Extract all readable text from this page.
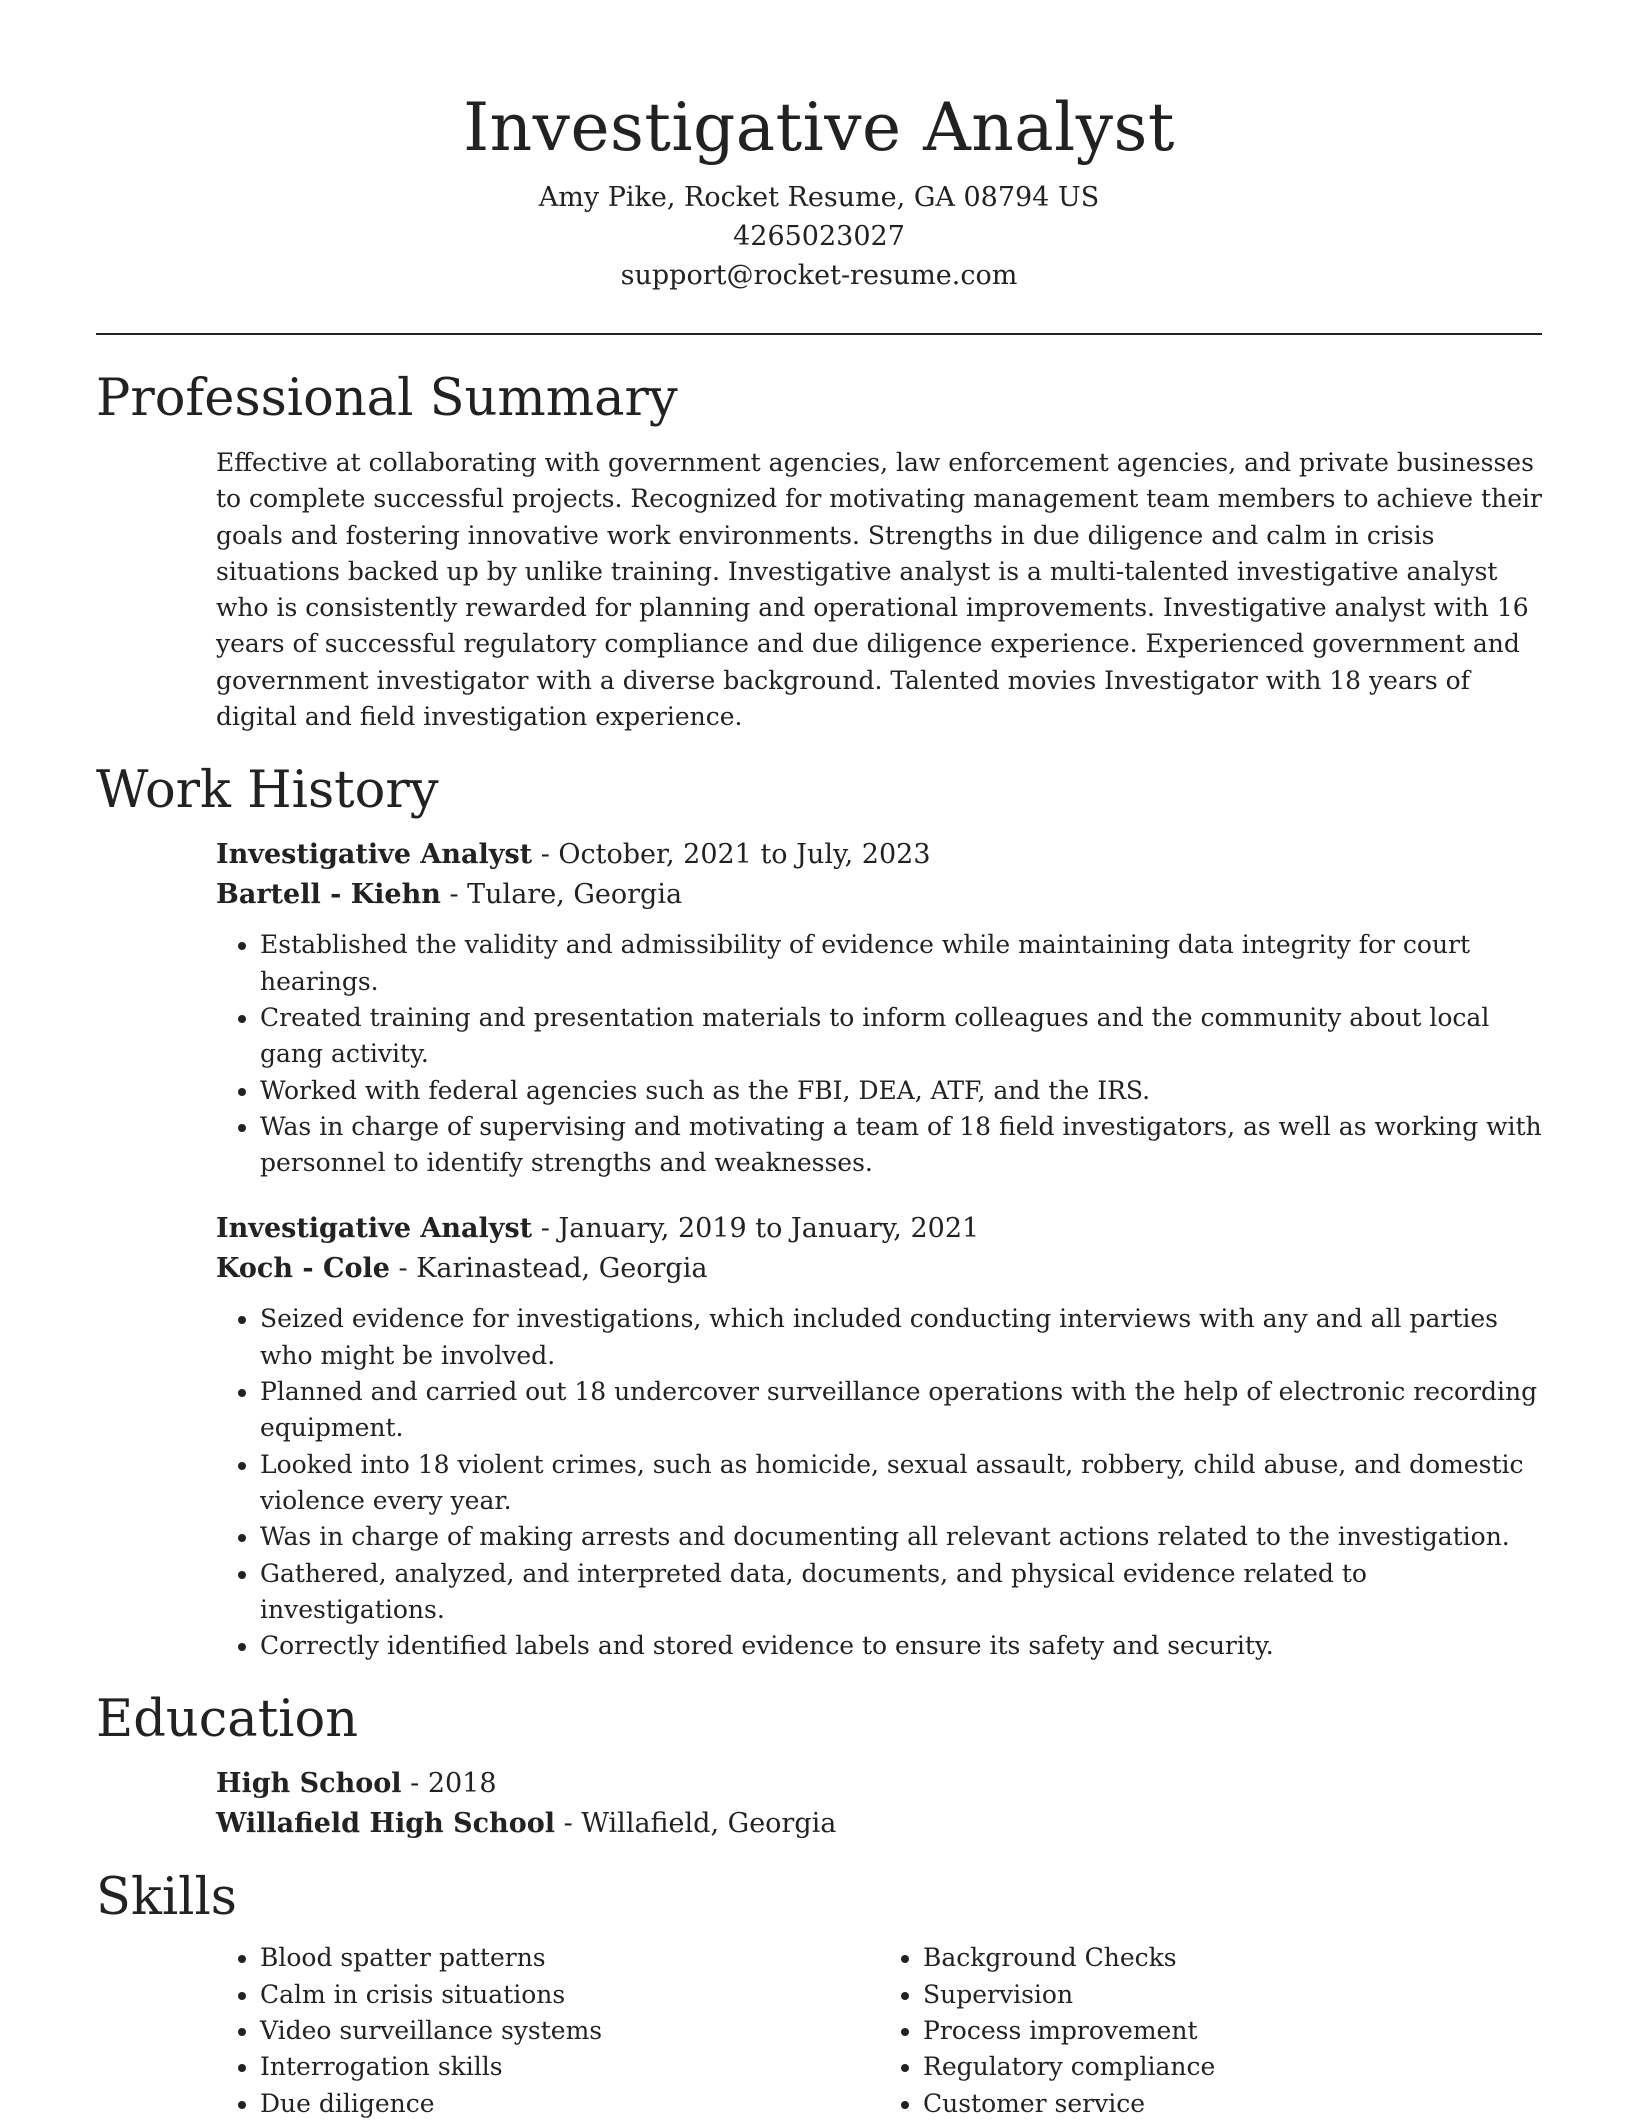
Investigative Analyst
Amy Pike, Rocket Resume, GA 08794 US
4265023027
support@rocket-resume.com
Professional Summary

Effective at collaborating with government agencies, law enforcement agencies, and private businesses to complete successful projects. Recognized for motivating management team members to achieve their goals and fostering innovative work environments. Strengths in due diligence and calm in crisis situations backed up by unlike training. Investigative analyst is a multi-talented investigative analyst who is consistently rewarded for planning and operational improvements. Investigative analyst with 16 years of successful regulatory compliance and due diligence experience. Experienced government and government investigator with a diverse background. Talented movies Investigator with 18 years of digital and field investigation experience.

Work History
Investigative Analyst - October, 2021 to July, 2023
Bartell - Kiehn - Tulare, Georgia
• Established the validity and admissibility of evidence while maintaining data integrity for court hearings.
• Created training and presentation materials to inform colleagues and the community about local gang activity.
• Worked with federal agencies such as the FBI, DEA, ATF, and the IRS.
• Was in charge of supervising and motivating a team of 18 field investigators, as well as working with personnel to identify strengths and weaknesses.
Investigative Analyst - January, 2019 to January, 2021
Koch - Cole - Karinastead, Georgia
• Seized evidence for investigations, which included conducting interviews with any and all parties who might be involved.
• Planned and carried out 18 undercover surveillance operations with the help of electronic recording equipment.
• Looked into 18 violent crimes, such as homicide, sexual assault, robbery, child abuse, and domestic violence every year.
• Was in charge of making arrests and documenting all relevant actions related to the investigation.
• Gathered, analyzed, and interpreted data, documents, and physical evidence related to investigations.
• Correctly identified labels and stored evidence to ensure its safety and security.
Education
High School - 2018
Willafield High School - Willafield, Georgia
Skills
• Blood spatter patterns
• Calm in crisis situations
• Video surveillance systems
• Interrogation skills
• Due diligence
• Background Checks
• Supervision
• Process improvement
• Regulatory compliance
• Customer service
